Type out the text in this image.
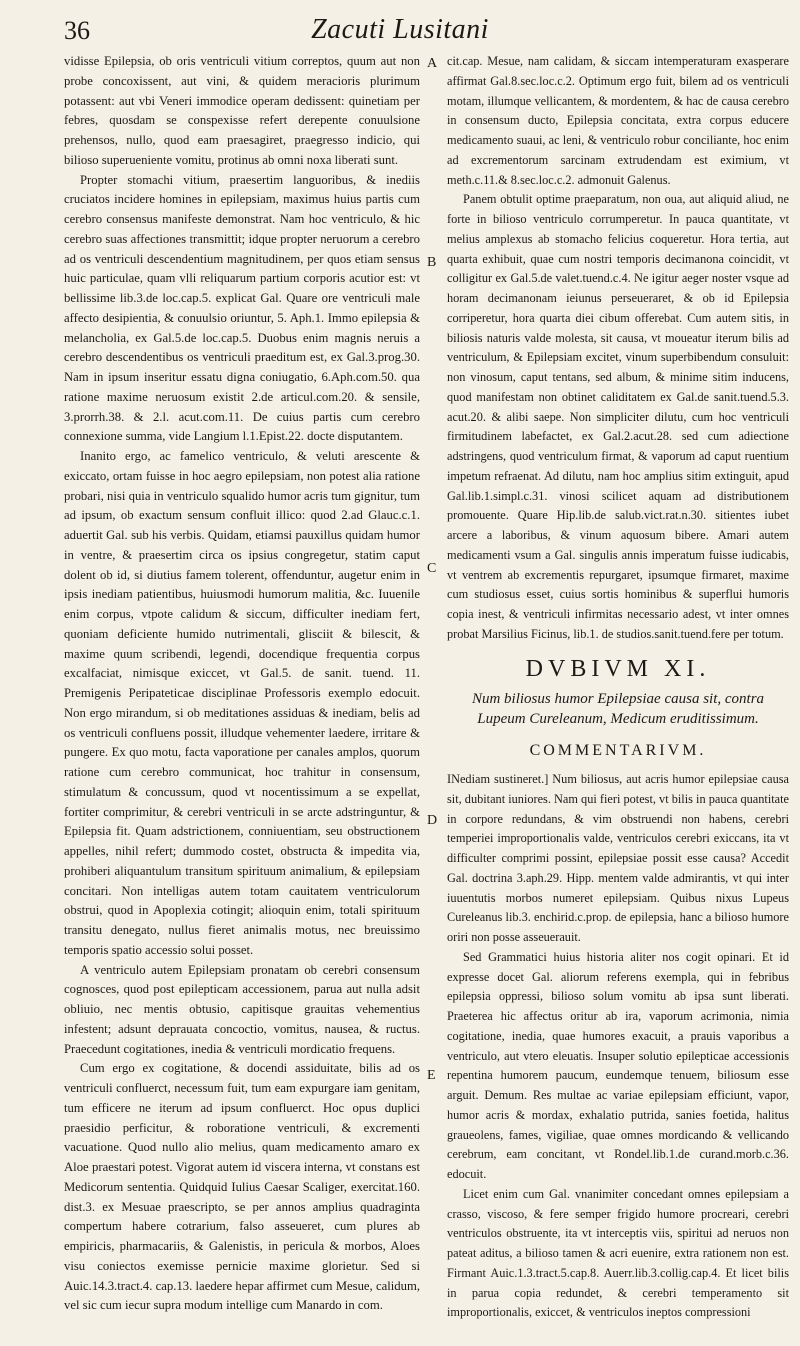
36	Zacuti Lusitani
A
B
C
D
E

vidisse Epilepsia, ob oris ventriculi vitium correptos, quum aut non probe concoxissent, aut vini, & quidem meracioris plurimum potassent: aut vbi Veneri immodice operam dedissent: quinetiam per febres, quosdam se conspexisse refert derepente conuulsione prehensos, nullo, quod eam praesagiret, praegresso indicio, qui bilioso superueniente vomitu, protinus ab omni noxa liberati sunt.

Propter stomachi vitium, praesertim languoribus, & inediis cruciatos incidere homines in epilepsiam, maximus huius partis cum cerebro consensus manifeste demonstrat. Nam hoc ventriculo, & hic cerebro suas affectiones transmittit; idque propter neruorum a cerebro ad os ventriculi descendentium magnitudinem, per quos etiam sensus huic particulae, quam vlli reliquarum partium corporis acutior est: vt bellissime lib.3.de loc.cap.5. explicat Gal. Quare ore ventriculi male affecto desipientia, & conuulsio oriuntur, 5. Aph.1. Immo epilepsia & melancholia, ex Gal.5.de loc.cap.5. Duobus enim magnis neruis a cerebro descendentibus os ventriculi praeditum est, ex Gal.3.prog.30. Nam in ipsum inseritur essatu digna coniugatio, 6.Aph.com.50. qua ratione maxime neruosum existit 2.de articul.com.20. & sensile, 3.prorrh.38. & 2.l. acut.com.11. De cuius partis cum cerebro connexione summa, vide Langium l.1.Epist.22. docte disputantem.

Inanito ergo, ac famelico ventriculo, & veluti arescente & exiccato, ortam fuisse in hoc aegro epilepsiam, non potest alia ratione probari, nisi quia in ventriculo squalido humor acris tum gignitur, tum ad ipsum, ob exactum sensum confluit illico: quod 2.ad Glauc.c.1. aduertit Gal. sub his verbis. Quidam, etiamsi pauxillus quidam humor in ventre, & praesertim circa os ipsius congregetur, statim caput dolent ob id, si diutius famem tolerent, offenduntur, augetur enim in ipsis inediam patientibus, huiusmodi humorum malitia, &c. Iuuenile enim corpus, vtpote calidum & siccum, difficulter inediam fert, quoniam deficiente humido nutrimentali, glisciit & bilescit, & maxime quum scribendi, legendi, docendique frequentia corpus excalfaciat, nimisque exiccet, vt Gal.5. de sanit. tuend. 11. Premigenis Peripateticae disciplinae Professoris exemplo edocuit. Non ergo mirandum, si ob meditationes assiduas & inediam, belis ad os ventriculi confluens possit, illudque vehementer laedere, irritare & pungere. Ex quo motu, facta vaporatione per canales amplos, quorum ratione cum cerebro communicat, hoc trahitur in consensum, stimulatum & concussum, quod vt nocentissimum a se expellat, fortiter comprimitur, & cerebri ventriculi in se arcte adstringuntur, & Epilepsia fit. Quam adstrictionem, conniuentiam, seu obstructionem appelles, nihil refert; dummodo costet, obstructa & impedita via, prohiberi aliquantulum transitum spirituum animalium, & epilepsiam concitari. Non intelligas autem totam cauitatem ventriculorum obstrui, quod in Apoplexia cotingit; alioquin enim, totali spirituum transitu denegato, nullus fieret animalis motus, nec breuissimo temporis spatio accessio solui posset.

A ventriculo autem Epilepsiam pronatam ob cerebri consensum cognosces, quod post epilepticam accessionem, parua aut nulla adsit obliuio, nec mentis obtusio, capitisque grauitas vehementius infestent; adsunt deprauata concoctio, vomitus, nausea, & ructus. Praecedunt cogitationes, inedia & ventriculi mordicatio frequens.

Cum ergo ex cogitatione, & docendi assiduitate, bilis ad os ventriculi confluerct, necessum fuit, tum eam expurgare iam genitam, tum efficere ne iterum ad ipsum confluerct. Hoc opus duplici praesidio perficitur, & roboratione ventriculi, & excrementi vacuatione. Quod nullo alio melius, quam medicamento amaro ex Aloe praestari potest. Vigorat autem id viscera interna, vt constans est Medicorum sententia. Quidquid Iulius Caesar Scaliger, exercitat.160. dist.3. ex Mesuae praescripto, se per annos amplius quadraginta compertum habere cotrarium, falso asseueret, cum plures ab empiricis, pharmacariis, & Galenistis, in pericula & morbos, Aloes visu coniectos exemisse pernicie maxime glorietur. Sed si Auic.14.3.tract.4. cap.13. laedere hepar affirmet cum Mesue, calidum, vel sic cum iecur supra modum intellige cum Manardo in com.

cit.cap. Mesue, nam calidam, & siccam intemperaturam exasperare affirmat Gal.8.sec.loc.c.2. Optimum ergo fuit, bilem ad os ventriculi motam, illumque vellicantem, & mordentem, & hac de causa cerebro in consensum ducto, Epilepsia concitata, extra corpus educere medicamento suaui, ac leni, & ventriculo robur conciliante, hoc enim ad excrementorum sarcinam extrudendam est eximium, vt meth.c.11.& 8.sec.loc.c.2. admonuit Galenus.

Panem obtulit optime praeparatum, non oua, aut aliquid aliud, ne forte in bilioso ventriculo corrumperetur. In pauca quantitate, vt melius amplexus ab stomacho felicius coqueretur. Hora tertia, aut quarta exhibuit, quae cum nostri temporis decimanona coincidit, vt colligitur ex Gal.5.de valet.tuend.c.4. Ne igitur aeger noster vsque ad horam decimanonam ieiunus perseueraret, & ob id Epilepsia corriperetur, hora quarta diei cibum offerebat. Cum autem sitis, in biliosis naturis valde molesta, sit causa, vt moueatur iterum bilis ad ventriculum, & Epilepsiam excitet, vinum superbibendum consuluit: non vinosum, caput tentans, sed album, & minime sitim inducens, quod manifestam non obtinet caliditatem ex Gal.de sanit.tuend.5.3. acut.20. & alibi saepe. Non simpliciter dilutu, cum hoc ventriculi firmitudinem labefactet, ex Gal.2.acut.28. sed cum adiectione adstringens, quod ventriculum firmat, & vaporum ad caput ruentium impetum refraenat. Ad dilutu, nam hoc amplius sitim extinguit, apud Gal.lib.1.simpl.c.31. vinosi scilicet aquam ad distributionem promouente. Quare Hip.lib.de salub.vict.rat.n.30. sitientes iubet arcere a laboribus, & vinum aquosum bibere. Amari autem medicamenti vsum a Gal. singulis annis imperatum fuisse iudicabis, vt ventrem ab excrementis repurgaret, ipsumque firmaret, maxime cum studiosus esset, cuius sortis hominibus & superflui humoris copia inest, & ventriculi infirmitas necessario adest, vt inter omnes probat Marsilius Ficinus, lib.1. de studios.sanit.tuend.fere per totum.

DVBIVM XI.
Num biliosus humor Epilepsiae causa sit, contra Lupeum Cureleanum, Medicum eruditissimum.
COMMENTARIVM.

INediam sustineret.] Num biliosus, aut acris humor epilepsiae causa sit, dubitant iuniores. Nam qui fieri potest, vt bilis in pauca quantitate in corpore redundans, & vim obstruendi non habens, cerebri temperiei improportionalis valde, ventriculos cerebri exiccans, ita vt difficulter comprimi possint, epilepsiae possit esse causa? Accedit Gal. doctrina 3.aph.29. Hipp. mentem valde admirantis, vt qui inter iuuentutis morbos numeret epilepsiam. Quibus nixus Lupeus Cureleanus lib.3. enchirid.c.prop. de epilepsia, hanc a bilioso humore oriri non posse asseuerauit.

Sed Grammatici huius historia aliter nos cogit opinari. Et id expresse docet Gal. aliorum referens exempla, qui in febribus epilepsia oppressi, bilioso solum vomitu ab ipsa sunt liberati. Praeterea hic affectus oritur ab ira, vaporum acrimonia, nimia cogitatione, inedia, quae humores exacuit, a prauis vaporibus a ventriculo, aut vtero eleuatis. Insuper solutio epilepticae accessionis repentina humorem paucum, eundemque tenuem, biliosum esse arguit. Demum. Res multae ac variae epilepsiam efficiunt, vapor, humor acris & mordax, exhalatio putrida, sanies foetida, halitus graueolens, fames, vigiliae, quae omnes mordicando & vellicando cerebrum, eam concitant, vt Rondel.lib.1.de curand.morb.c.36. edocuit.

Licet enim cum Gal. vnanimiter concedant omnes epilepsiam a crasso, viscoso, & fere semper frigido humore procreari, cerebri ventriculos obstruente, ita vt interceptis viis, spiritui ad neruos non pateat aditus, a bilioso tamen & acri euenire, extra rationem non est. Firmant Auic.1.3.tract.5.cap.8. Auerr.lib.3.collig.cap.4. Et licet bilis in parua copia redundet, & cerebri temperamento sit improportionalis, exiccet, & ventriculos ineptos compressioni
